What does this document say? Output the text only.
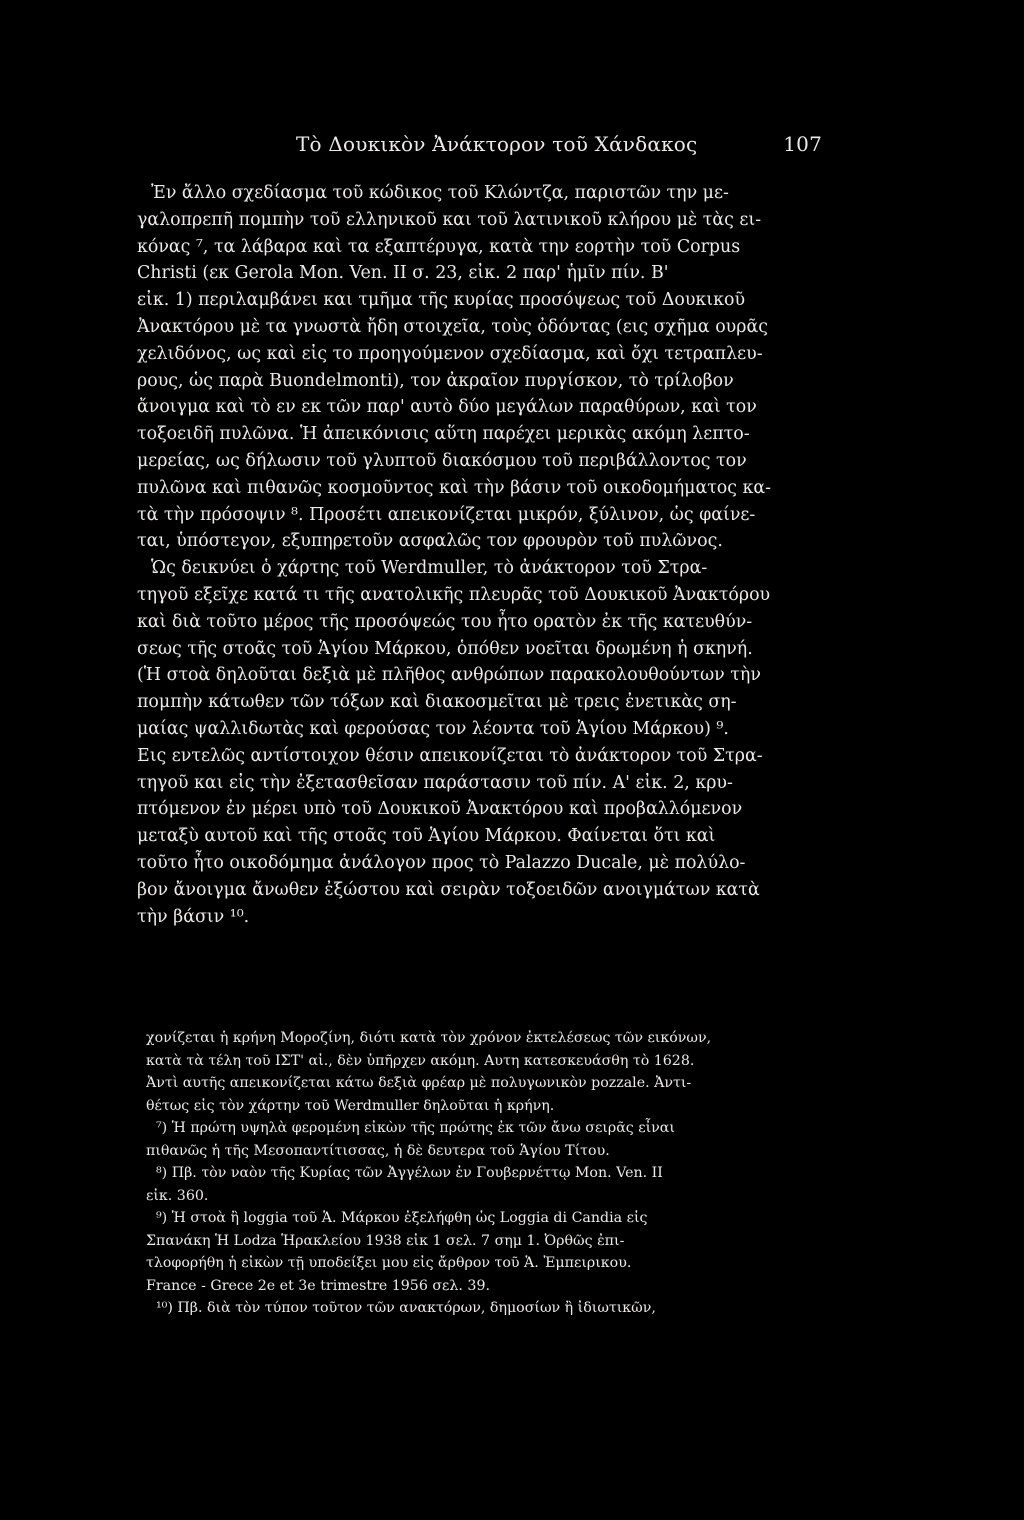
Τὸ Δουκικὸν Ἀνάκτορον τοῦ Χάνδακος	107
Ἐν ἄλλο σχεδίασμα τοῦ κώδικος τοῦ Κλώντζα, παριστῶν την με-
γαλοπρεπῆ πομπὴν τοῦ ελληνικοῦ και τοῦ λατινικοῦ κλήρου μὲ τὰς ει-
κόνας ⁷, τα λάβαρα καὶ τα εξαπτέρυγα, κατὰ την εορτὴν τοῦ Corpus
Christi (εκ Gerola Mon. Ven. II σ. 23, εἰκ. 2 παρ' ἡμῖν πίν. Β'
εἰκ. 1) περιλαμβάνει και τμῆμα τῆς κυρίας προσόψεως τοῦ Δουκικοῦ
Ἀνακτόρου μὲ τα γνωστὰ ἤδη στοιχεῖα, τοὺς ὀδόντας (εις σχῆμα ουρᾶς
χελιδόνος, ως καὶ εἰς το προηγούμενον σχεδίασμα, καὶ ὄχι τετραπλευ-
ρους, ὡς παρὰ Buondelmonti), τον ἀκραῖον πυργίσκον, τὸ τρίλοβον
ἄνοιγμα καὶ τὸ εν εκ τῶν παρ' αυτὸ δύο μεγάλων παραθύρων, καὶ τον
τοξοειδῆ πυλῶνα. Ἡ ἀπεικόνισις αὕτη παρέχει μερικὰς ακόμη λεπτο-
μερείας, ως δήλωσιν τοῦ γλυπτοῦ διακόσμου τοῦ περιβάλλοντος τον
πυλῶνα καὶ πιθανῶς κοσμοῦντος καὶ τὴν βάσιν τοῦ οικοδομήματος κα-
τὰ τὴν πρόσοψιν ⁸. Προσέτι απεικονίζεται μικρόν, ξύλινον, ὡς φαίνε-
ται, ὑπόστεγον, εξυπηρετοῦν ασφαλῶς τον φρουρὸν τοῦ πυλῶνος.
Ὡς δεικνύει ὁ χάρτης τοῦ Werdmuller, τὸ ἀνάκτορον τοῦ Στρα-
τηγοῦ εξεῖχε κατά τι τῆς ανατολικῆς πλευρᾶς τοῦ Δουκικοῦ Ἀνακτόρου
καὶ διὰ τοῦτο μέρος τῆς προσόψεώς του ἦτο ορατὸν ἐκ τῆς κατευθύν-
σεως τῆς στοᾶς τοῦ Ἁγίου Μάρκου, ὁπόθεν νοεῖται δρωμένη ἡ σκηνή.
(Ἡ στοὰ δηλοῦται δεξιὰ μὲ πλῆθος ανθρώπων παρακολουθούντων τὴν
πομπὴν κάτωθεν τῶν τόξων καὶ διακοσμεῖται μὲ τρεις ἐνετικὰς ση-
μαίας ψαλλιδωτὰς καὶ φερούσας τον λέοντα τοῦ Ἁγίου Μάρκου) ⁹.
Εις εντελῶς αντίστοιχον θέσιν απεικονίζεται τὸ ἀνάκτορον τοῦ Στρα-
τηγοῦ και εἰς τὴν ἐξετασθεῖσαν παράστασιν τοῦ πίν. Α' εἰκ. 2, κρυ-
πτόμενον ἐν μέρει υπὸ τοῦ Δουκικοῦ Ἀνακτόρου καὶ προβαλλόμενον
μεταξὺ αυτοῦ καὶ τῆς στοᾶς τοῦ Ἁγίου Μάρκου. Φαίνεται ὅτι καὶ
τοῦτο ἦτο οικοδόμημα ἀνάλογον προς τὸ Palazzo Ducale, μὲ πολύλο-
βον ἄνοιγμα ἄνωθεν ἐξώστου καὶ σειρὰν τοξοειδῶν ανοιγμάτων κατὰ
τὴν βάσιν ¹⁰.
χονίζεται ἡ κρήνη Μοροζίνη, διότι κατὰ τὸν χρόνον ἐκτελέσεως τῶν εικόνων,
κατὰ τὰ τέλη τοῦ ΙΣΤ' αἰ., δὲν ὑπῆρχεν ακόμη. Αυτη κατεσκευάσθη τὸ 1628.
Ἀντὶ αυτῆς απεικονίζεται κάτω δεξιὰ φρέαρ μὲ πολυγωνικὸν pozzale. Ἀντι-
θέτως εἰς τὸν χάρτην τοῦ Werdmuller δηλοῦται ἡ κρήνη.
⁷) Ἡ πρώτη υψηλὰ φερομένη εἰκὼν τῆς πρώτης ἐκ τῶν ἄνω σειρᾶς εἶναι
πιθανῶς ἡ τῆς Μεσοπαντίτισσας, ἡ δὲ δευτερα τοῦ Ἁγίου Τίτου.
⁸) Πβ. τὸν ναὸν τῆς Κυρίας τῶν Ἀγγέλων ἐν Γουβερνέττῳ Mon. Ven. II
εἰκ. 360.
⁹) Ἡ στοὰ ἢ loggia τοῦ Ἁ. Μάρκου ἐξελήφθη ὡς Loggia di Candia εἰς
Σπανάκη Ἡ Lodza Ἡρακλείου 1938 εἰκ 1 σελ. 7 σημ 1. Ὀρθῶς ἐπι-
τλοφορήθη ἡ εἰκὼν τῇ υποδείξει μου εἰς ἄρθρον τοῦ Ἁ. Ἐμπειρικου.
France - Grece 2e et 3e trimestre 1956 σελ. 39.
¹⁰) Πβ. διὰ τὸν τύπον τοῦτον τῶν ανακτόρων, δημοσίων ἢ ἰδιωτικῶν,
